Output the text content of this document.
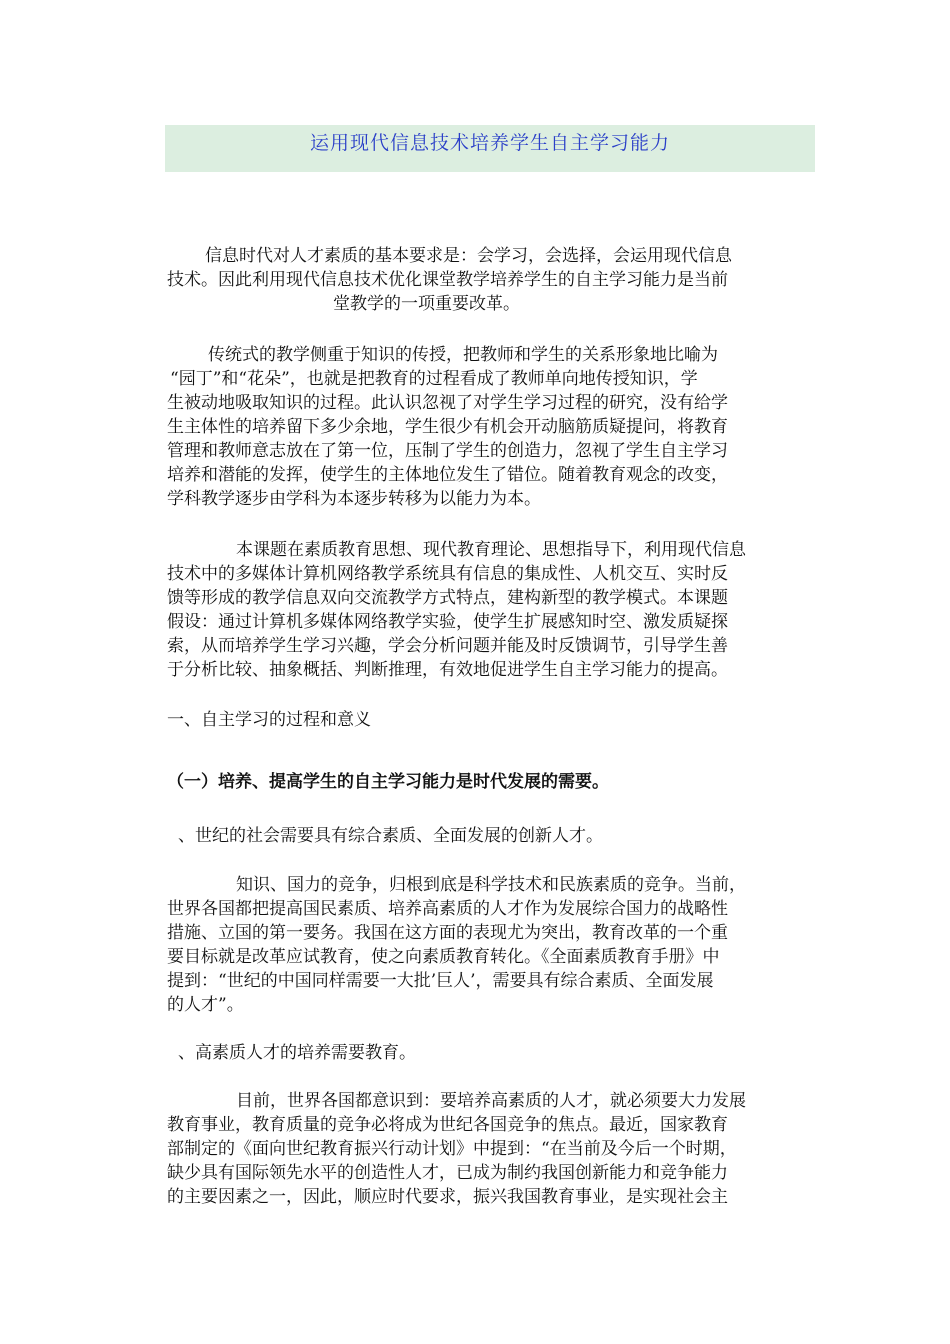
运用现代信息技术培养学生自主学习能力

信息时代对人才素质的基本要求是：会学习，会选择，会运用现代信息

技术。因此利用现代信息技术优化课堂教学培养学生的自主学习能力是当前

堂教学的一项重要改革。

传统式的教学侧重于知识的传授，把教师和学生的关系形象地比喻为

“园丁”和“花朵”，也就是把教育的过程看成了教师单向地传授知识，学

生被动地吸取知识的过程。此认识忽视了对学生学习过程的研究，没有给学

生主体性的培养留下多少余地，学生很少有机会开动脑筋质疑提问，将教育

管理和教师意志放在了第一位，压制了学生的创造力，忽视了学生自主学习

培养和潜能的发挥，使学生的主体地位发生了错位。随着教育观念的改变，

学科教学逐步由学科为本逐步转移为以能力为本。

本课题在素质教育思想、现代教育理论、思想指导下，利用现代信息

技术中的多媒体计算机网络教学系统具有信息的集成性、人机交互、实时反

馈等形成的教学信息双向交流教学方式特点，建构新型的教学模式。本课题

假设：通过计算机多媒体网络教学实验，使学生扩展感知时空、激发质疑探

索，从而培养学生学习兴趣，学会分析问题并能及时反馈调节，引导学生善

于分析比较、抽象概括、判断推理，有效地促进学生自主学习能力的提高。

一、自主学习的过程和意义

（一）培养、提高学生的自主学习能力是时代发展的需要。

、世纪的社会需要具有综合素质、全面发展的创新人才。

知识、国力的竞争，归根到底是科学技术和民族素质的竞争。当前，

世界各国都把提高国民素质、培养高素质的人才作为发展综合国力的战略性

措施、立国的第一要务。我国在这方面的表现尤为突出，教育改革的一个重

要目标就是改革应试教育，使之向素质教育转化。《全面素质教育手册》中

提到：“世纪的中国同样需要一大批’巨人’，需要具有综合素质、全面发展

的人才”。

、高素质人才的培养需要教育。

目前，世界各国都意识到：要培养高素质的人才，就必须要大力发展

教育事业，教育质量的竞争必将成为世纪各国竞争的焦点。最近，国家教育

部制定的《面向世纪教育振兴行动计划》中提到：“在当前及今后一个时期，

缺少具有国际领先水平的创造性人才，已成为制约我国创新能力和竞争能力

的主要因素之一，因此，顺应时代要求，振兴我国教育事业，是实现社会主
